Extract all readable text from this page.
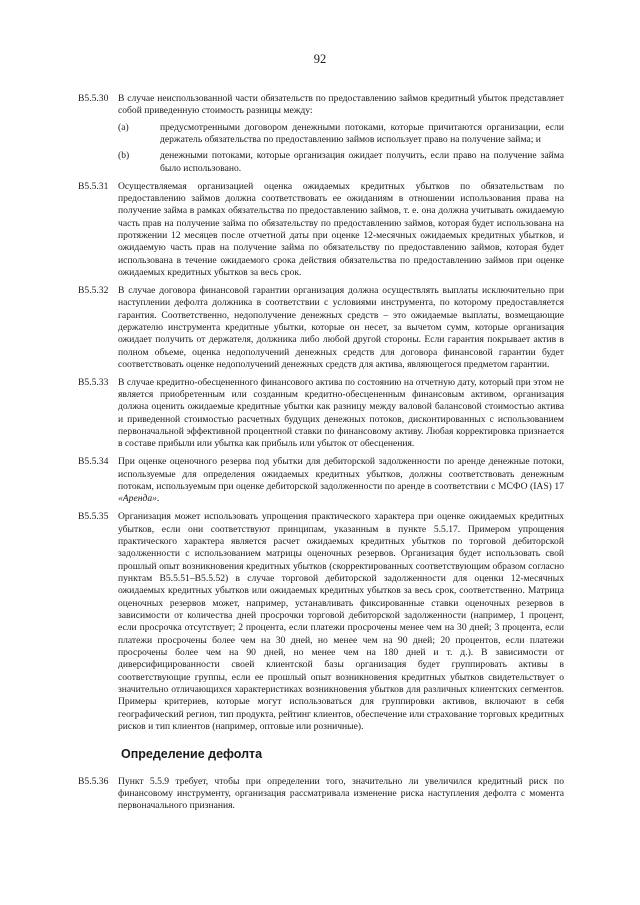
92
B5.5.30	В случае неиспользованной части обязательств по предоставлению займов кредитный убыток представляет собой приведенную стоимость разницы между:
(a)	предусмотренными договором денежными потоками, которые причитаются организации, если держатель обязательства по предоставлению займов использует право на получение займа; и
(b)	денежными потоками, которые организация ожидает получить, если право на получение займа было использовано.
B5.5.31	Осуществляемая организацией оценка ожидаемых кредитных убытков по обязательствам по предоставлению займов должна соответствовать ее ожиданиям в отношении использования права на получение займа в рамках обязательства по предоставлению займов, т. е. она должна учитывать ожидаемую часть прав на получение займа по обязательству по предоставлению займов, которая будет использована на протяжении 12 месяцев после отчетной даты при оценке 12-месячных ожидаемых кредитных убытков, и ожидаемую часть прав на получение займа по обязательству по предоставлению займов, которая будет использована в течение ожидаемого срока действия обязательства по предоставлению займов при оценке ожидаемых кредитных убытков за весь срок.
B5.5.32	В случае договора финансовой гарантии организация должна осуществлять выплаты исключительно при наступлении дефолта должника в соответствии с условиями инструмента, по которому предоставляется гарантия. Соответственно, недополучение денежных средств – это ожидаемые выплаты, возмещающие держателю инструмента кредитные убытки, которые он несет, за вычетом сумм, которые организация ожидает получить от держателя, должника либо любой другой стороны. Если гарантия покрывает актив в полном объеме, оценка недополучений денежных средств для договора финансовой гарантии будет соответствовать оценке недополучений денежных средств для актива, являющегося предметом гарантии.
B5.5.33	В случае кредитно-обесцененного финансового актива по состоянию на отчетную дату, который при этом не является приобретенным или созданным кредитно-обесцененным финансовым активом, организация должна оценить ожидаемые кредитные убытки как разницу между валовой балансовой стоимостью актива и приведенной стоимостью расчетных будущих денежных потоков, дисконтированных с использованием первоначальной эффективной процентной ставки по финансовому активу. Любая корректировка признается в составе прибыли или убытка как прибыль или убыток от обесценения.
B5.5.34	При оценке оценочного резерва под убытки для дебиторской задолженности по аренде денежные потоки, используемые для определения ожидаемых кредитных убытков, должны соответствовать денежным потокам, используемым при оценке дебиторской задолженности по аренде в соответствии с МСФО (IAS) 17 «Аренда».
B5.5.35	Организация может использовать упрощения практического характера при оценке ожидаемых кредитных убытков, если они соответствуют принципам, указанным в пункте 5.5.17. Примером упрощения практического характера является расчет ожидаемых кредитных убытков по торговой дебиторской задолженности с использованием матрицы оценочных резервов. Организация будет использовать свой прошлый опыт возникновения кредитных убытков (скорректированных соответствующим образом согласно пунктам B5.5.51–B5.5.52) в случае торговой дебиторской задолженности для оценки 12-месячных ожидаемых кредитных убытков или ожидаемых кредитных убытков за весь срок, соответственно. Матрица оценочных резервов может, например, устанавливать фиксированные ставки оценочных резервов в зависимости от количества дней просрочки торговой дебиторской задолженности (например, 1 процент, если просрочка отсутствует; 2 процента, если платежи просрочены менее чем на 30 дней; 3 процента, если платежи просрочены более чем на 30 дней, но менее чем на 90 дней; 20 процентов, если платежи просрочены более чем на 90 дней, но менее чем на 180 дней и т. д.). В зависимости от диверсифицированности своей клиентской базы организация будет группировать активы в соответствующие группы, если ее прошлый опыт возникновения кредитных убытков свидетельствует о значительно отличающихся характеристиках возникновения убытков для различных клиентских сегментов. Примеры критериев, которые могут использоваться для группировки активов, включают в себя географический регион, тип продукта, рейтинг клиентов, обеспечение или страхование торговых кредитных рисков и тип клиентов (например, оптовые или розничные).
Определение дефолта
B5.5.36	Пункт 5.5.9 требует, чтобы при определении того, значительно ли увеличился кредитный риск по финансовому инструменту, организация рассматривала изменение риска наступления дефолта с момента первоначального признания.
